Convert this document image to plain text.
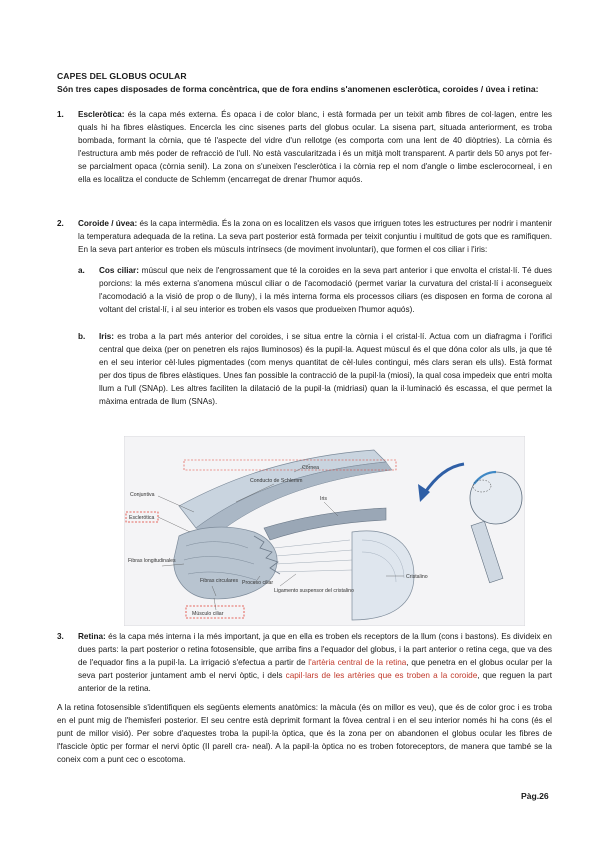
CAPES DEL GLOBUS OCULAR
Són tres capes disposades de forma concèntrica, que de fora endins s'anomenen escleròtica, coroides / úvea i retina:
1. Escleròtica: és la capa més externa. És opaca i de color blanc, i està formada per un teixit amb fibres de col·lagen, entre les quals hi ha fibres elàstiques. Encercla les cinc sisenes parts del globus ocular. La sisena part, situada anteriorment, es troba bombada, formant la còrnia, que té l'aspecte del vidre d'un rellotge (es comporta com una lent de 40 diòptries). La còrnia és l'estructura amb més poder de refracció de l'ull. No està vascularitzada i és un mitjà molt transparent. A partir dels 50 anys pot fer-se parcialment opaca (còrnia senil). La zona on s'uneixen l'escleròtica i la còrnia rep el nom d'angle o limbe esclerocorneal, i en ella es localitza el conducte de Schlemm (encarregat de drenar l'humor aquós.
2. Coroide / úvea: és la capa intermèdia. És la zona on es localitzen els vasos que irriguen totes les estructures per nodrir i mantenir la temperatura adequada de la retina. La seva part posterior està formada per teixit conjuntiu i multitud de gots que es ramifiquen. En la seva part anterior es troben els múscuIs intrínsecs (de moviment involuntari), que formen el cos ciliar i l'iris:
a. Cos ciliar: múscul que neix de l'engrossament que té la coroides en la seva part anterior i que envolta el cristal·lí. Té dues porcions: la més externa s'anomena múscul ciliar o de l'acomodació (permet variar la curvatura del cristal·lí i aconsegueix l'acomodació a la visió de prop o de lluny), i la més interna forma els processos ciliars (es disposen en forma de corona al voltant del cristal·lí, i al seu interior es troben els vasos que produeixen l'humor aquós).
b. Iris: es troba a la part més anterior del coroides, i se situa entre la còrnia i el cristal·lí. Actua com un diafragma i l'orifici central que deixa (per on penetren els rajos lluminosos) és la pupil·la. Aquest múscul és el que dóna color als ulls, ja que té en el seu interior cèl·lules pigmentades (com menys quantitat de cèl·lules contingui, més clars seran els ulls). Està format per dos tipus de fibres elàstiques. Unes fan possible la contracció de la pupil·la (miosi), la qual cosa impedeix que entri molta llum a l'ull (SNAp). Les altres faciliten la dilatació de la pupil·la (midriasi) quan la il·luminació és escassa, el que permet la màxima entrada de llum (SNAs).
Còrnea
Conducto de Schlemm
Conjuntiva
Esclerótica
Iris
Cristalino
Fibras longitudinales
Fibras circulares Proceso ciliar
Ligamento suspensor del cristalino
Músculo ciliar
3. Retina: és la capa més interna i la més important, ja que en ella es troben els receptors de la llum (cons i bastons). Es divideix en dues parts: la part posterior o retina fotosensible, que arriba fins a l'equador del globus, i la part anterior o retina cega, que va des de l'equador fins a la pupil·la. La irrigació s'efectua a partir de l'artèria central de la retina, que penetra en el globus ocular per la seva part posterior juntament amb el nervi òptic, i dels capil·lars de les artèries que es troben a la coroide, que reguen la part anterior de la retina.
A la retina fotosensible s'identifiquen els següents elements anatòmics: la màcula (és on millor es veu), que és de color groc i es troba en el punt mig de l'hemisferi posterior. El seu centre està deprimit formant la fòvea central i en el seu interior només hi ha cons (és el punt de millor visió). Per sobre d'aquestes troba la pupil·la òptica, que és la zona per on abandonen el globus ocular les fibres de l'fascicle òptic per formar el nervi òptic (II parell cra- neal). A la papil·la òptica no es troben fotoreceptors, de manera que també se la coneix com a punt cec o escotoma.
Pàg.26
